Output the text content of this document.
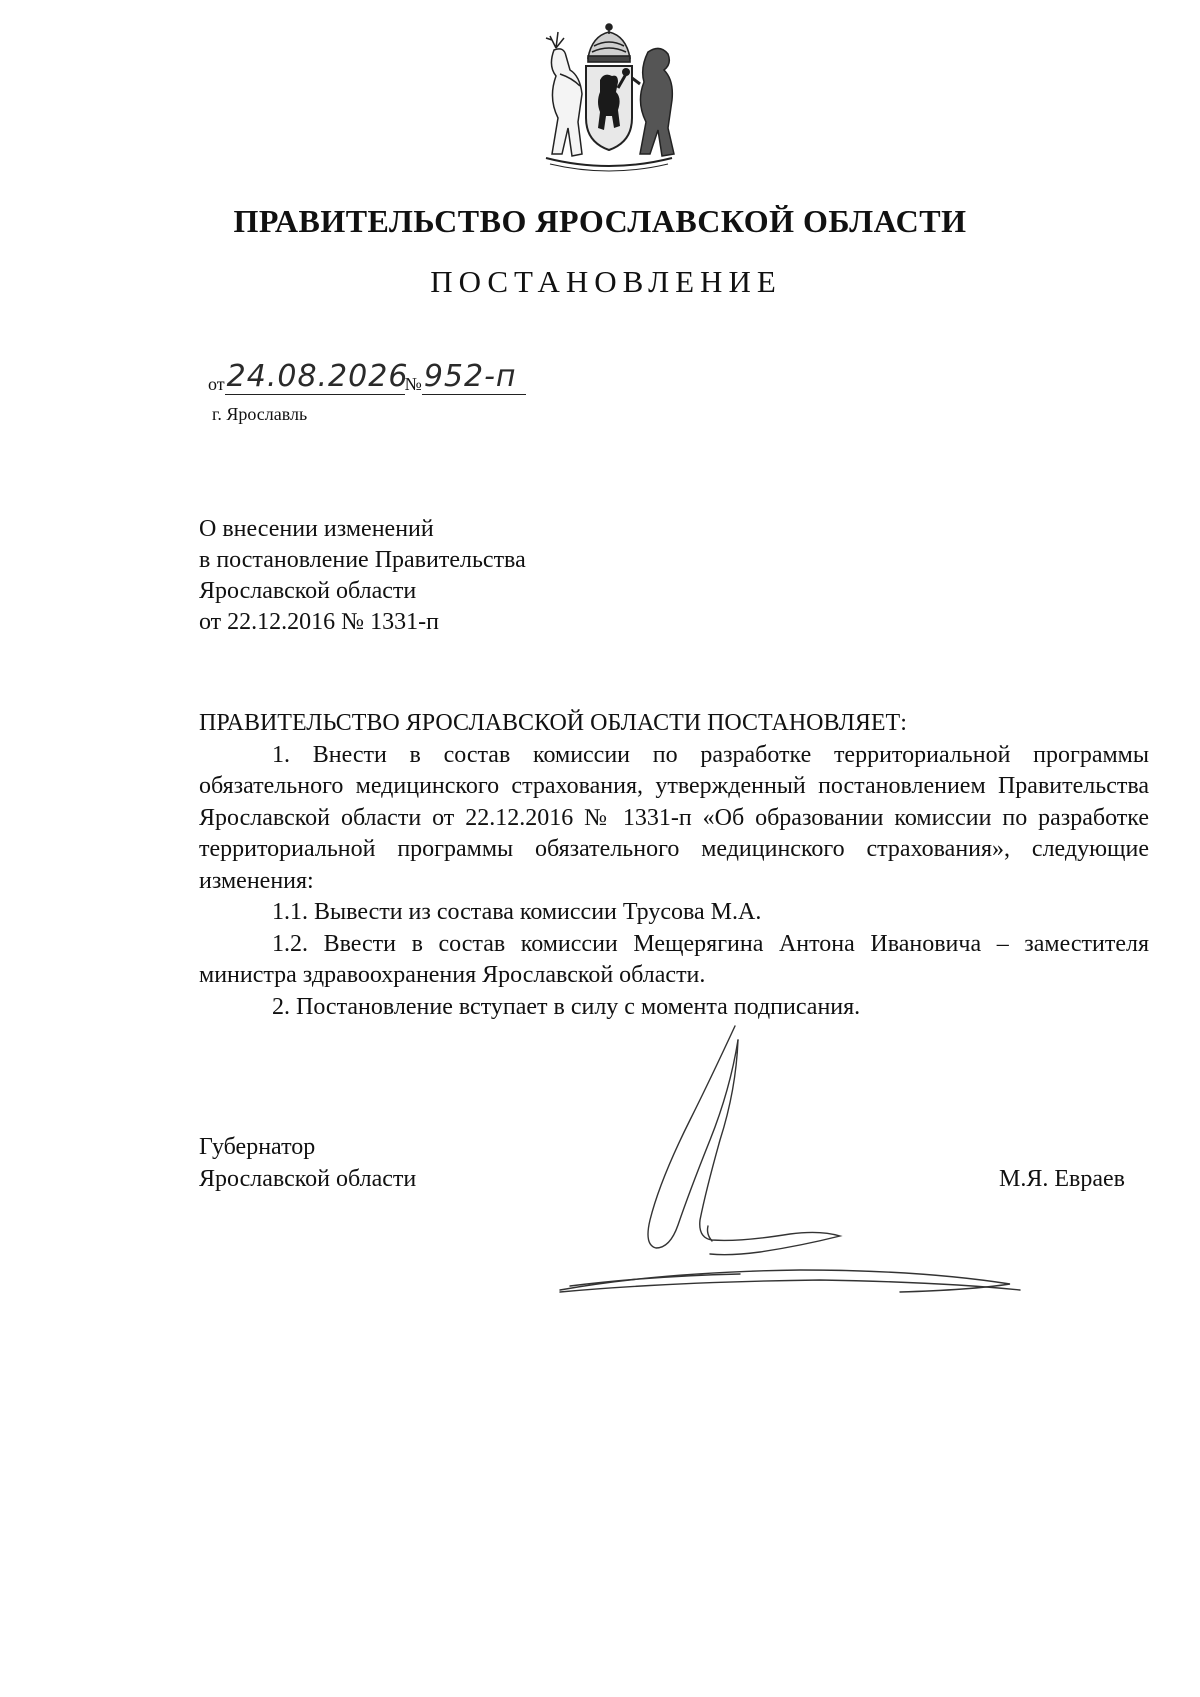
ПРАВИТЕЛЬСТВО ЯРОСЛАВСКОЙ ОБЛАСТИ
ПОСТАНОВЛЕНИЕ
от24.08.2026№952-п
г. Ярославль
О внесении изменений
в постановление Правительства
Ярославской области
от 22.12.2016 № 1331-п
ПРАВИТЕЛЬСТВО ЯРОСЛАВСКОЙ ОБЛАСТИ ПОСТАНОВЛЯЕТ:

1. Внести в состав комиссии по разработке территориальной программы обязательного медицинского страхования, утвержденный постановлением Правительства Ярославской области от 22.12.2016 № 1331-п «Об образовании комиссии по разработке территориальной программы обязательного медицинского страхования», следующие изменения:

1.1. Вывести из состава комиссии Трусова М.А.

1.2. Ввести в состав комиссии Мещерягина Антона Ивановича – заместителя министра здравоохранения Ярославской области.

2. Постановление вступает в силу с момента подписания.

Губернатор
Ярославской области	М.Я. Евраев
